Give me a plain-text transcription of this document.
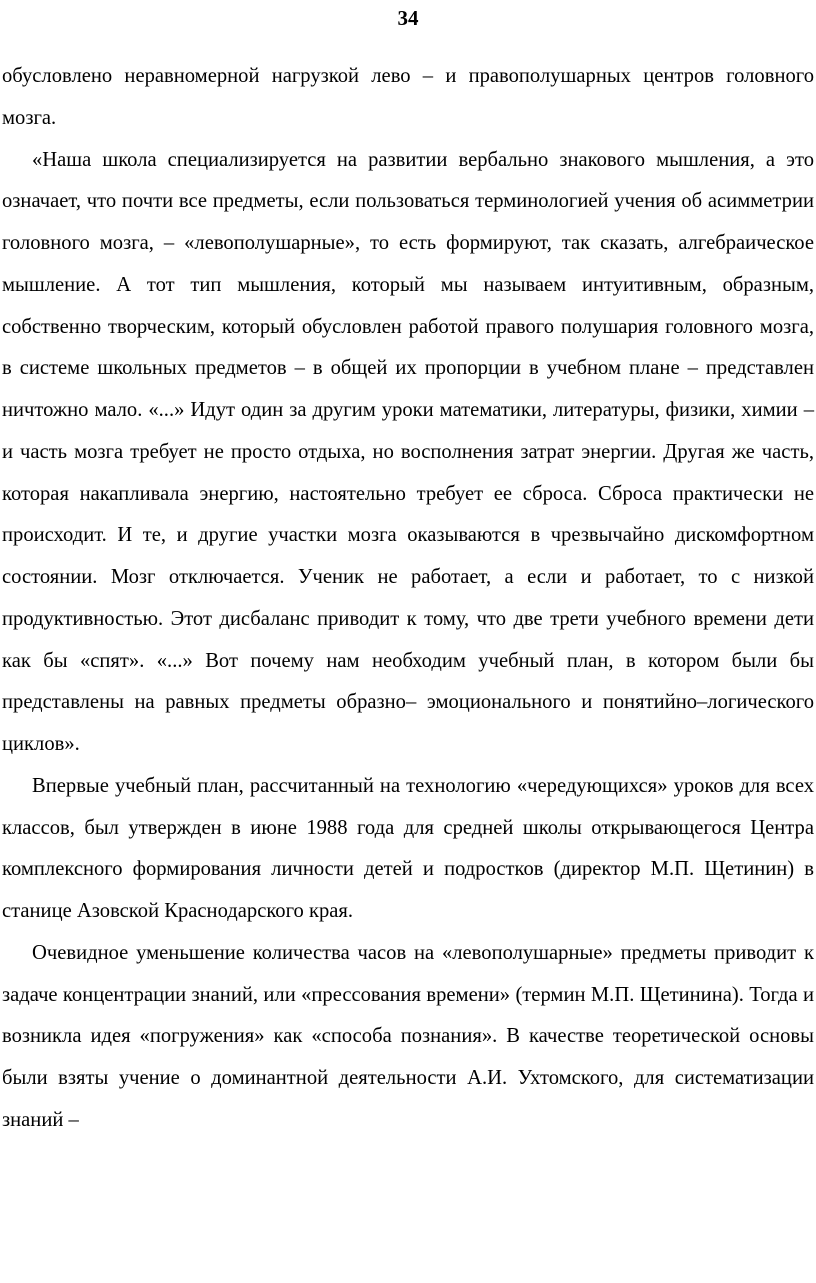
34

обусловлено неравномерной нагрузкой лево – и правополушарных центров головного мозга.

«Наша школа специализируется на развитии вербально знакового мышления, а это означает, что почти все предметы, если пользоваться терминологией учения об асимметрии головного мозга, – «левополушарные», то есть формируют, так сказать, алгебраическое мышление. А тот тип мышления, который мы называем интуитивным, образным, собственно творческим, который обусловлен работой правого полушария головного мозга, в системе школьных предметов – в общей их пропорции в учебном плане – представлен ничтожно мало. «...» Идут один за другим уроки математики, литературы, физики, химии – и часть мозга требует не просто отдыха, но восполнения затрат энергии. Другая же часть, которая накапливала энергию, настоятельно требует ее сброса. Сброса практически не происходит. И те, и другие участки мозга оказываются в чрезвычайно дискомфортном состоянии. Мозг отключается. Ученик не работает, а если и работает, то с низкой продуктивностью. Этот дисбаланс приводит к тому, что две трети учебного времени дети как бы «спят». «...» Вот почему нам необходим учебный план, в котором были бы представлены на равных предметы образно– эмоционального и понятийно–логического циклов».

Впервые учебный план, рассчитанный на технологию «чередующихся» уроков для всех классов, был утвержден в июне 1988 года для средней школы открывающегося Центра комплексного формирования личности детей и подростков (директор М.П. Щетинин) в станице Азовской Краснодарского края.

Очевидное уменьшение количества часов на «левополушарные» предметы приводит к задаче концентрации знаний, или «прессования времени» (термин М.П. Щетинина). Тогда и возникла идея «погружения» как «способа познания». В качестве теоретической основы были взяты учение о доминантной деятельности А.И. Ухтомского, для систематизации знаний –
